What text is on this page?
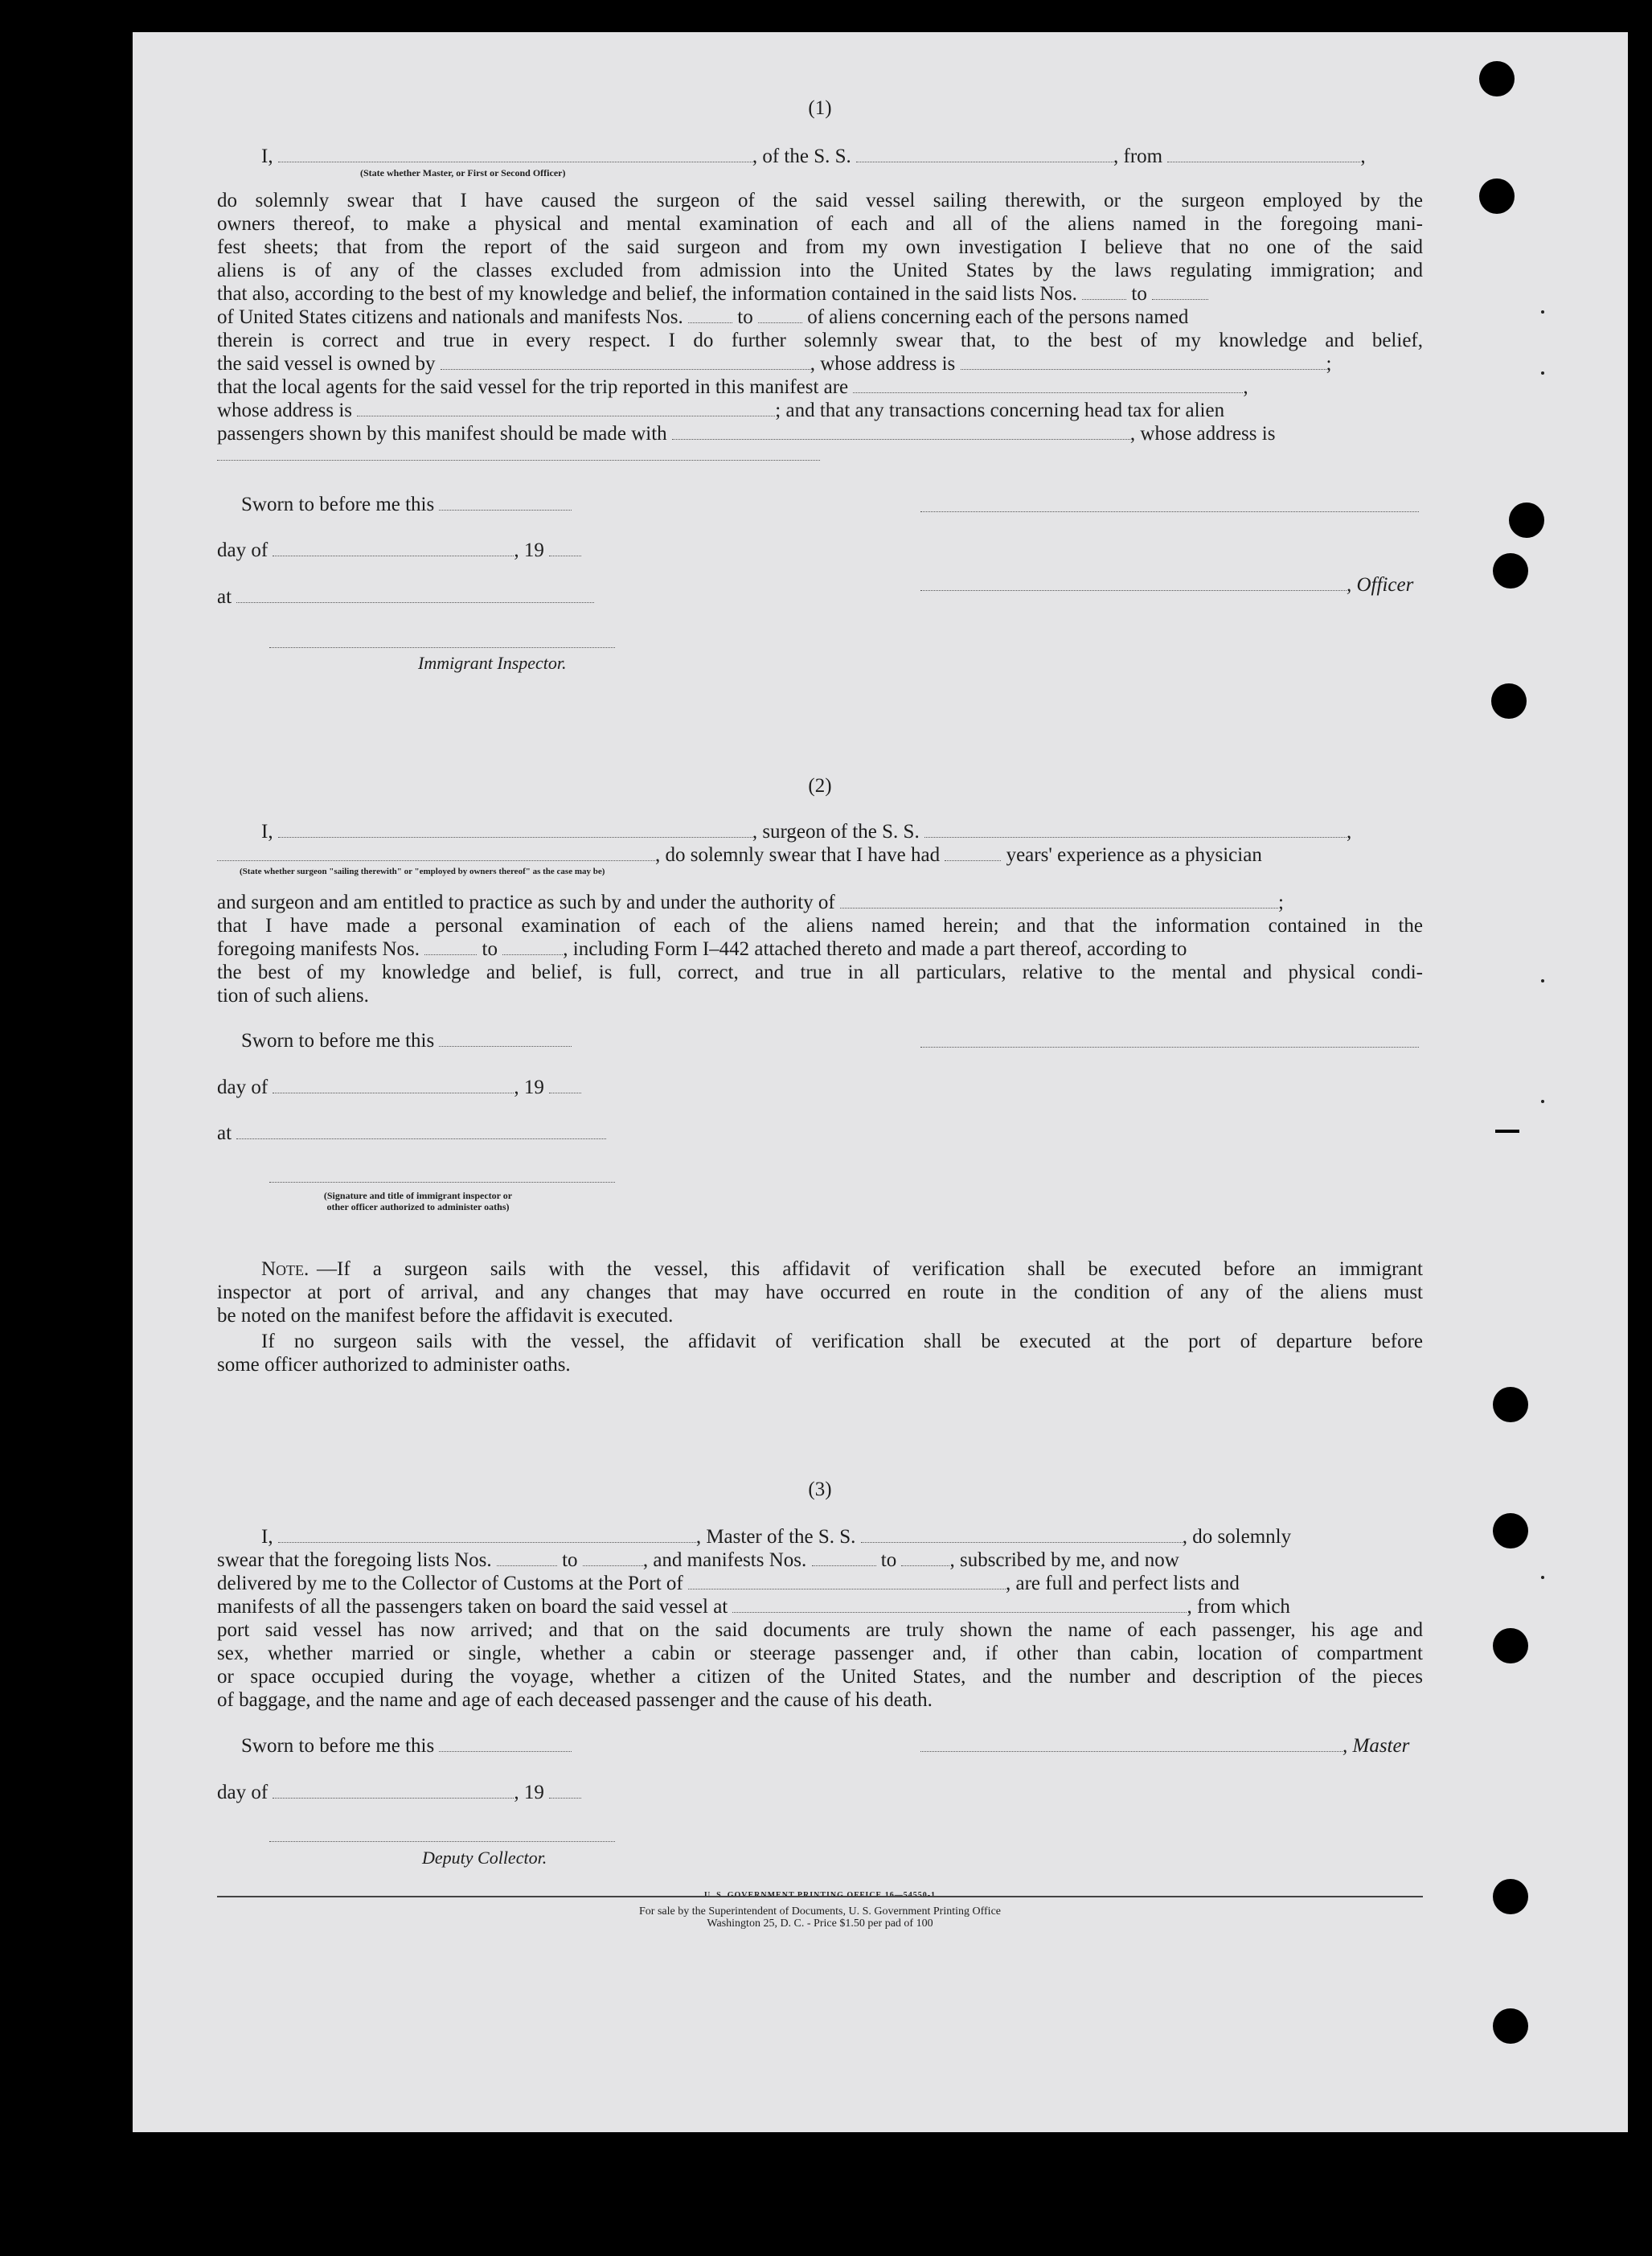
(1)
I,	, of the S. S.	, from	,
(State whether Master, or First or Second Officer)
do solemnly swear that I have caused the surgeon of the said vessel sailing therewith, or the surgeon employed by the
owners thereof, to make a physical and mental examination of each and all of the aliens named in the foregoing mani-
fest sheets; that from the report of the said surgeon and from my own investigation I believe that no one of the said
aliens is of any of the classes excluded from admission into the United States by the laws regulating immigration; and
that also, according to the best of my knowledge and belief, the information contained in the said lists Nos.	to
of United States citizens and nationals and manifests Nos.	to	of aliens concerning each of the persons named
therein is correct and true in every respect. I do further solemnly swear that, to the best of my knowledge and belief,
the said vessel is owned by	, whose address is	;
that the local agents for the said vessel for the trip reported in this manifest are	,
whose address is	; and that any transactions concerning head tax for alien
passengers shown by this manifest should be made with	, whose address is
Sworn to before me this
day of	, 19
, Officer
at
Immigrant Inspector.
(2)
I,	, surgeon of the S. S.	,
, do solemnly swear that I have had	years' experience as a physician
(State whether surgeon "sailing therewith" or "employed by owners thereof" as the case may be)
and surgeon and am entitled to practice as such by and under the authority of	;
that I have made a personal examination of each of the aliens named herein; and that the information contained in the
foregoing manifests Nos.	to	, including Form I–442 attached thereto and made a part thereof, according to
the best of my knowledge and belief, is full, correct, and true in all particulars, relative to the mental and physical condi-
tion of such aliens.
Sworn to before me this
day of	, 19
at
(Signature and title of immigrant inspector or
other officer authorized to administer oaths)
Note. —If a surgeon sails with the vessel, this affidavit of verification shall be executed before an immigrant
inspector at port of arrival, and any changes that may have occurred en route in the condition of any of the aliens must
be noted on the manifest before the affidavit is executed.
If no surgeon sails with the vessel, the affidavit of verification shall be executed at the port of departure before
some officer authorized to administer oaths.
(3)
I,	, Master of the S. S.	, do solemnly
swear that the foregoing lists Nos.	to	, and manifests Nos.	to	, subscribed by me, and now
delivered by me to the Collector of Customs at the Port of	, are full and perfect lists and
manifests of all the passengers taken on board the said vessel at	, from which
port said vessel has now arrived; and that on the said documents are truly shown the name of each passenger, his age and
sex, whether married or single, whether a cabin or steerage passenger and, if other than cabin, location of compartment
or space occupied during the voyage, whether a citizen of the United States, and the number and description of the pieces
of baggage, and the name and age of each deceased passenger and the cause of his death.
Sworn to before me this	, Master
day of	, 19
Deputy Collector.
U. S. GOVERNMENT PRINTING OFFICE 16—54550-1
For sale by the Superintendent of Documents, U. S. Government Printing Office
Washington 25, D. C. - Price $1.50 per pad of 100
